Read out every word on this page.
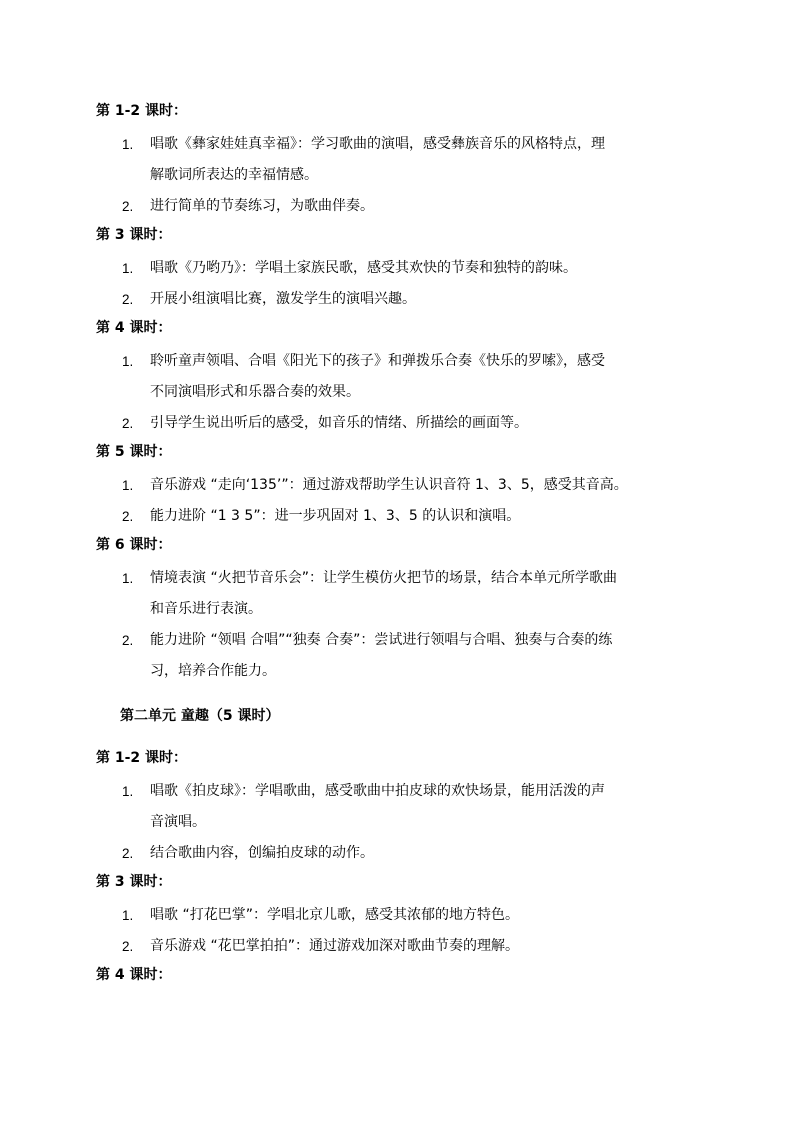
第 1-2 课时：
1. 唱歌《彝家娃娃真幸福》：学习歌曲的演唱，感受彝族音乐的风格特点，理
解歌词所表达的幸福情感。
2. 进行简单的节奏练习，为歌曲伴奏。
第 3 课时：
1. 唱歌《乃哟乃》：学唱土家族民歌，感受其欢快的节奏和独特的韵味。
2. 开展小组演唱比赛，激发学生的演唱兴趣。
第 4 课时：
1. 聆听童声领唱、合唱《阳光下的孩子》和弹拨乐合奏《快乐的罗嗦》，感受
不同演唱形式和乐器合奏的效果。
2. 引导学生说出听后的感受，如音乐的情绪、所描绘的画面等。
第 5 课时：
1. 音乐游戏 “走向‘135’”：通过游戏帮助学生认识音符 1、3、5，感受其音高。
2. 能力进阶 “1 3 5”：进一步巩固对 1、3、5 的认识和演唱。
第 6 课时：
1. 情境表演 “火把节音乐会”：让学生模仿火把节的场景，结合本单元所学歌曲
和音乐进行表演。
2. 能力进阶 “领唱 合唱”“独奏 合奏”：尝试进行领唱与合唱、独奏与合奏的练
习，培养合作能力。
第二单元 童趣（5 课时）
第 1-2 课时：
1. 唱歌《拍皮球》：学唱歌曲，感受歌曲中拍皮球的欢快场景，能用活泼的声
音演唱。
2. 结合歌曲内容，创编拍皮球的动作。
第 3 课时：
1. 唱歌 “打花巴掌”：学唱北京儿歌，感受其浓郁的地方特色。
2. 音乐游戏 “花巴掌拍拍”：通过游戏加深对歌曲节奏的理解。
第 4 课时：
